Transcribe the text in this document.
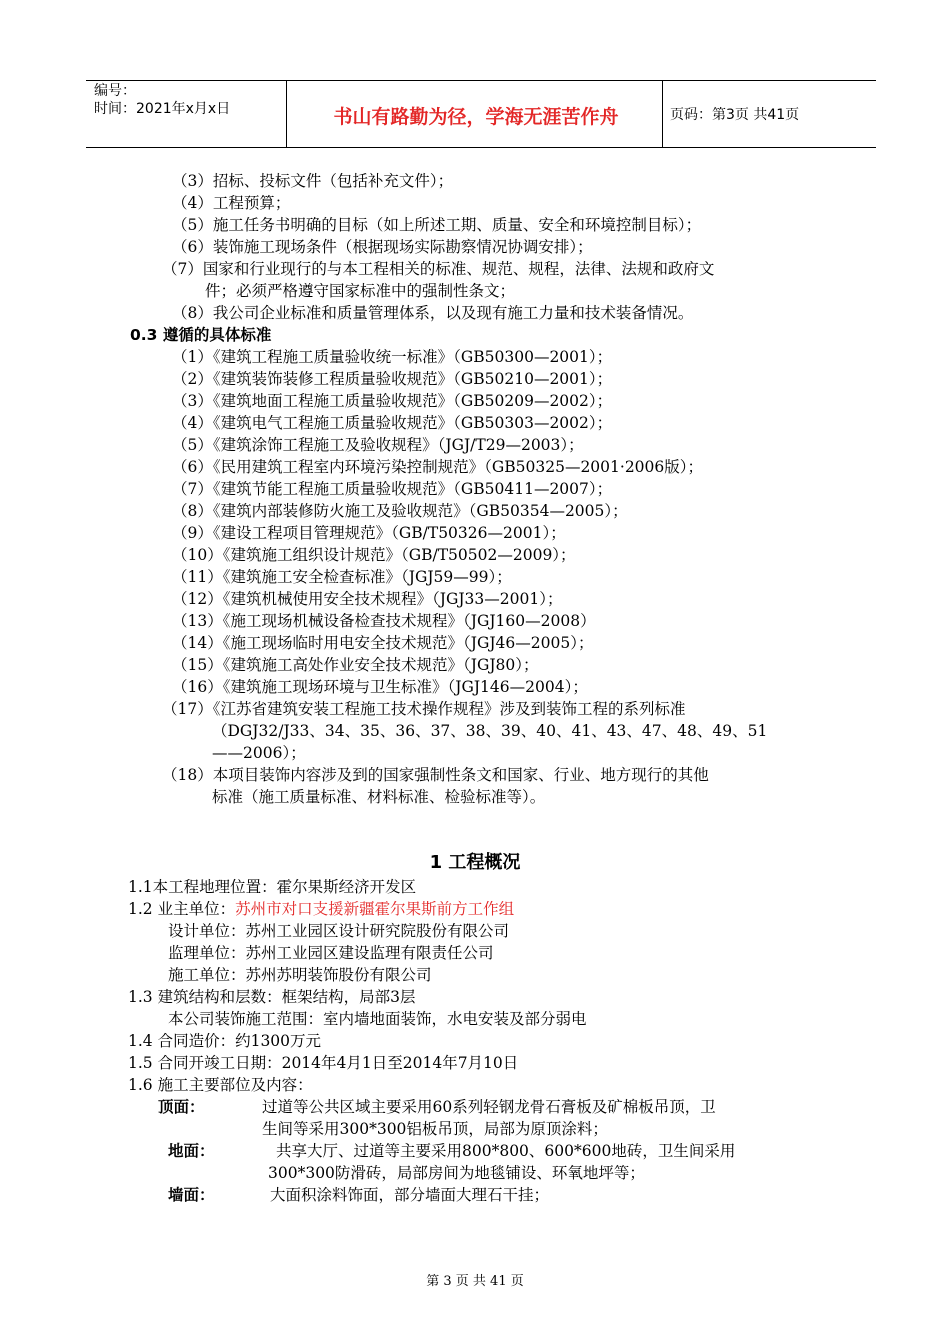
编号：
时间：2021年x月x日	书山有路勤为径，学海无涯苦作舟	页码：第3页 共41页
（3）招标、投标文件（包括补充文件）；
（4）工程预算；
（5）施工任务书明确的目标（如上所述工期、质量、安全和环境控制目标）；
（6）装饰施工现场条件（根据现场实际勘察情况协调安排）；
（7）国家和行业现行的与本工程相关的标准、规范、规程，法律、法规和政府文
件；必须严格遵守国家标准中的强制性条文；
（8）我公司企业标准和质量管理体系，以及现有施工力量和技术装备情况。
0.3 遵循的具体标准
（1）《建筑工程施工质量验收统一标准》（GB50300—2001）；
（2）《建筑装饰装修工程质量验收规范》（GB50210—2001）；
（3）《建筑地面工程施工质量验收规范》（GB50209—2002）；
（4）《建筑电气工程施工质量验收规范》（GB50303—2002）；
（5）《建筑涂饰工程施工及验收规程》（JGJ/T29—2003）；
（6）《民用建筑工程室内环境污染控制规范》（GB50325—2001·2006版）；
（7）《建筑节能工程施工质量验收规范》（GB50411—2007）；
（8）《建筑内部装修防火施工及验收规范》（GB50354—2005）；
（9）《建设工程项目管理规范》（GB/T50326—2001）；
（10）《建筑施工组织设计规范》（GB/T50502—2009）；
（11）《建筑施工安全检查标准》（JGJ59—99）；
（12）《建筑机械使用安全技术规程》（JGJ33—2001）；
（13）《施工现场机械设备检查技术规程》（JGJ160—2008）
（14）《施工现场临时用电安全技术规范》（JGJ46—2005）；
（15）《建筑施工高处作业安全技术规范》（JGJ80）；
（16）《建筑施工现场环境与卫生标准》（JGJ146—2004）；
（17）《江苏省建筑安装工程施工技术操作规程》涉及到装饰工程的系列标准
（DGJ32/J33、34、35、36、37、38、39、40、41、43、47、48、49、51
——2006）；
（18）本项目装饰内容涉及到的国家强制性条文和国家、行业、地方现行的其他
标准（施工质量标准、材料标准、检验标准等）。
1 工程概况
1.1本工程地理位置：霍尔果斯经济开发区
1.2 业主单位：苏州市对口支援新疆霍尔果斯前方工作组
设计单位：苏州工业园区设计研究院股份有限公司
监理单位：苏州工业园区建设监理有限责任公司
施工单位：苏州苏明装饰股份有限公司
1.3 建筑结构和层数：框架结构，局部3层
本公司装饰施工范围：室内墙地面装饰，水电安装及部分弱电
1.4 合同造价：约1300万元
1.5 合同开竣工日期：2014年4月1日至2014年7月10日
1.6 施工主要部位及内容：
顶面：	过道等公共区域主要采用60系列轻钢龙骨石膏板及矿棉板吊顶，卫
生间等采用300*300铝板吊顶，局部为原顶涂料；
地面：	共享大厅、过道等主要采用800*800、600*600地砖，卫生间采用
300*300防滑砖，局部房间为地毯铺设、环氧地坪等；
墙面：	大面积涂料饰面，部分墙面大理石干挂；
第 3 页 共 41 页
